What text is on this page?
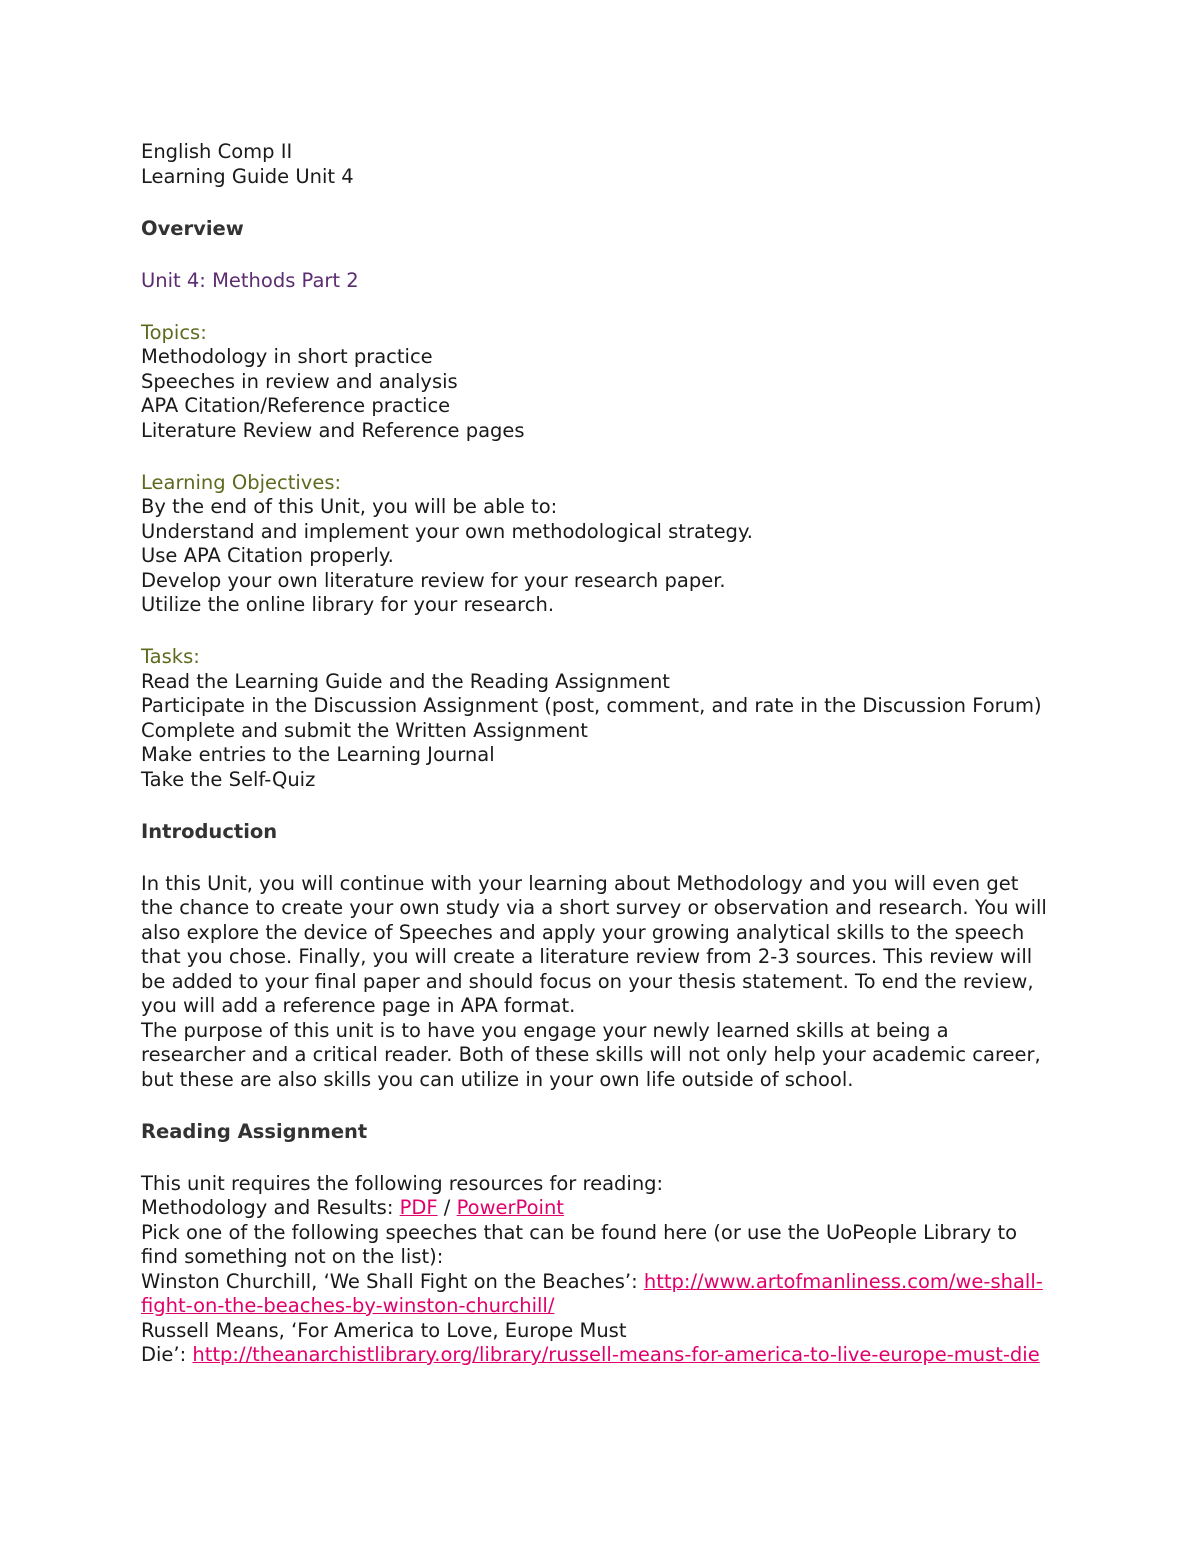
English Comp II
Learning Guide Unit 4
Overview
Unit 4: Methods Part 2
Topics:
Methodology in short practice
Speeches in review and analysis
APA Citation/Reference practice
Literature Review and Reference pages
Learning Objectives:
By the end of this Unit, you will be able to:
Understand and implement your own methodological strategy.
Use APA Citation properly.
Develop your own literature review for your research paper.
Utilize the online library for your research.
Tasks:
Read the Learning Guide and the Reading Assignment
Participate in the Discussion Assignment (post, comment, and rate in the Discussion Forum)
Complete and submit the Written Assignment
Make entries to the Learning Journal
Take the Self-Quiz
Introduction
In this Unit, you will continue with your learning about Methodology and you will even get
the chance to create your own study via a short survey or observation and research. You will
also explore the device of Speeches and apply your growing analytical skills to the speech
that you chose. Finally, you will create a literature review from 2-3 sources. This review will
be added to your final paper and should focus on your thesis statement. To end the review,
you will add a reference page in APA format.
The purpose of this unit is to have you engage your newly learned skills at being a
researcher and a critical reader. Both of these skills will not only help your academic career,
but these are also skills you can utilize in your own life outside of school.
Reading Assignment
This unit requires the following resources for reading:
Methodology and Results: PDF / PowerPoint
Pick one of the following speeches that can be found here (or use the UoPeople Library to
find something not on the list):
Winston Churchill, ‘We Shall Fight on the Beaches’: http://www.artofmanliness.com/we-shall-
fight-on-the-beaches-by-winston-churchill/
Russell Means, ‘For America to Love, Europe Must
Die’: http://theanarchistlibrary.org/library/russell-means-for-america-to-live-europe-must-die
